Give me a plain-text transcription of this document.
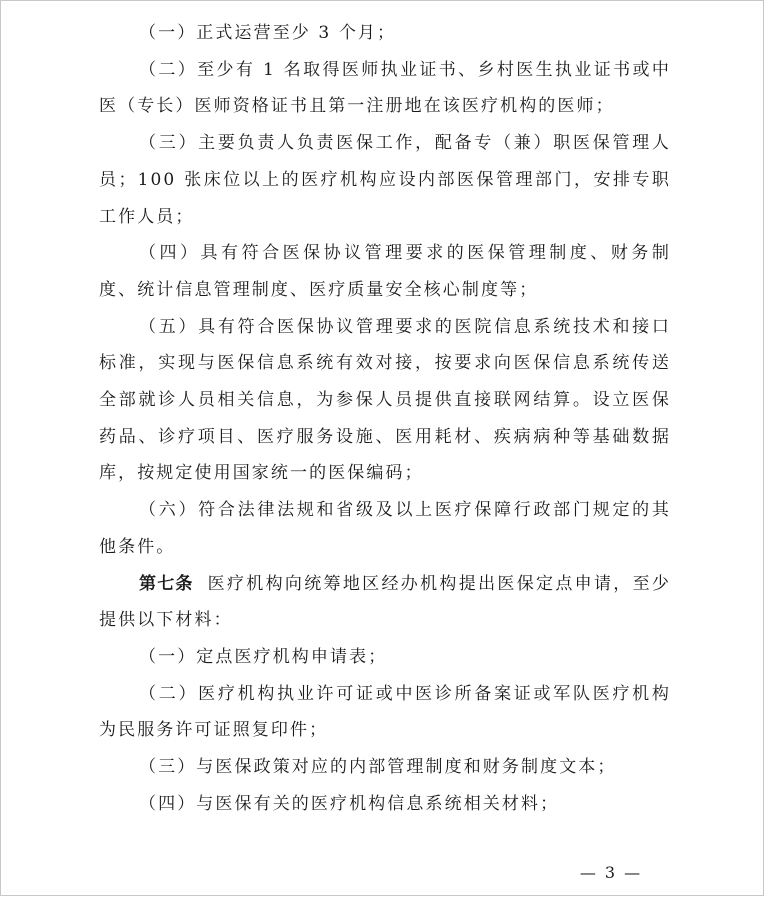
（一）正式运营至少 3 个月；

（二）至少有 1 名取得医师执业证书、乡村医生执业证书或中医（专长）医师资格证书且第一注册地在该医疗机构的医师；

（三）主要负责人负责医保工作，配备专（兼）职医保管理人员；100 张床位以上的医疗机构应设内部医保管理部门，安排专职工作人员；

（四）具有符合医保协议管理要求的医保管理制度、财务制度、统计信息管理制度、医疗质量安全核心制度等；

（五）具有符合医保协议管理要求的医院信息系统技术和接口标准，实现与医保信息系统有效对接，按要求向医保信息系统传送全部就诊人员相关信息，为参保人员提供直接联网结算。设立医保药品、诊疗项目、医疗服务设施、医用耗材、疾病病种等基础数据库，按规定使用国家统一的医保编码；

（六）符合法律法规和省级及以上医疗保障行政部门规定的其他条件。

第七条 医疗机构向统筹地区经办机构提出医保定点申请，至少提供以下材料：

（一）定点医疗机构申请表；

（二）医疗机构执业许可证或中医诊所备案证或军队医疗机构为民服务许可证照复印件；

（三）与医保政策对应的内部管理制度和财务制度文本；

（四）与医保有关的医疗机构信息系统相关材料；

— 3 —
